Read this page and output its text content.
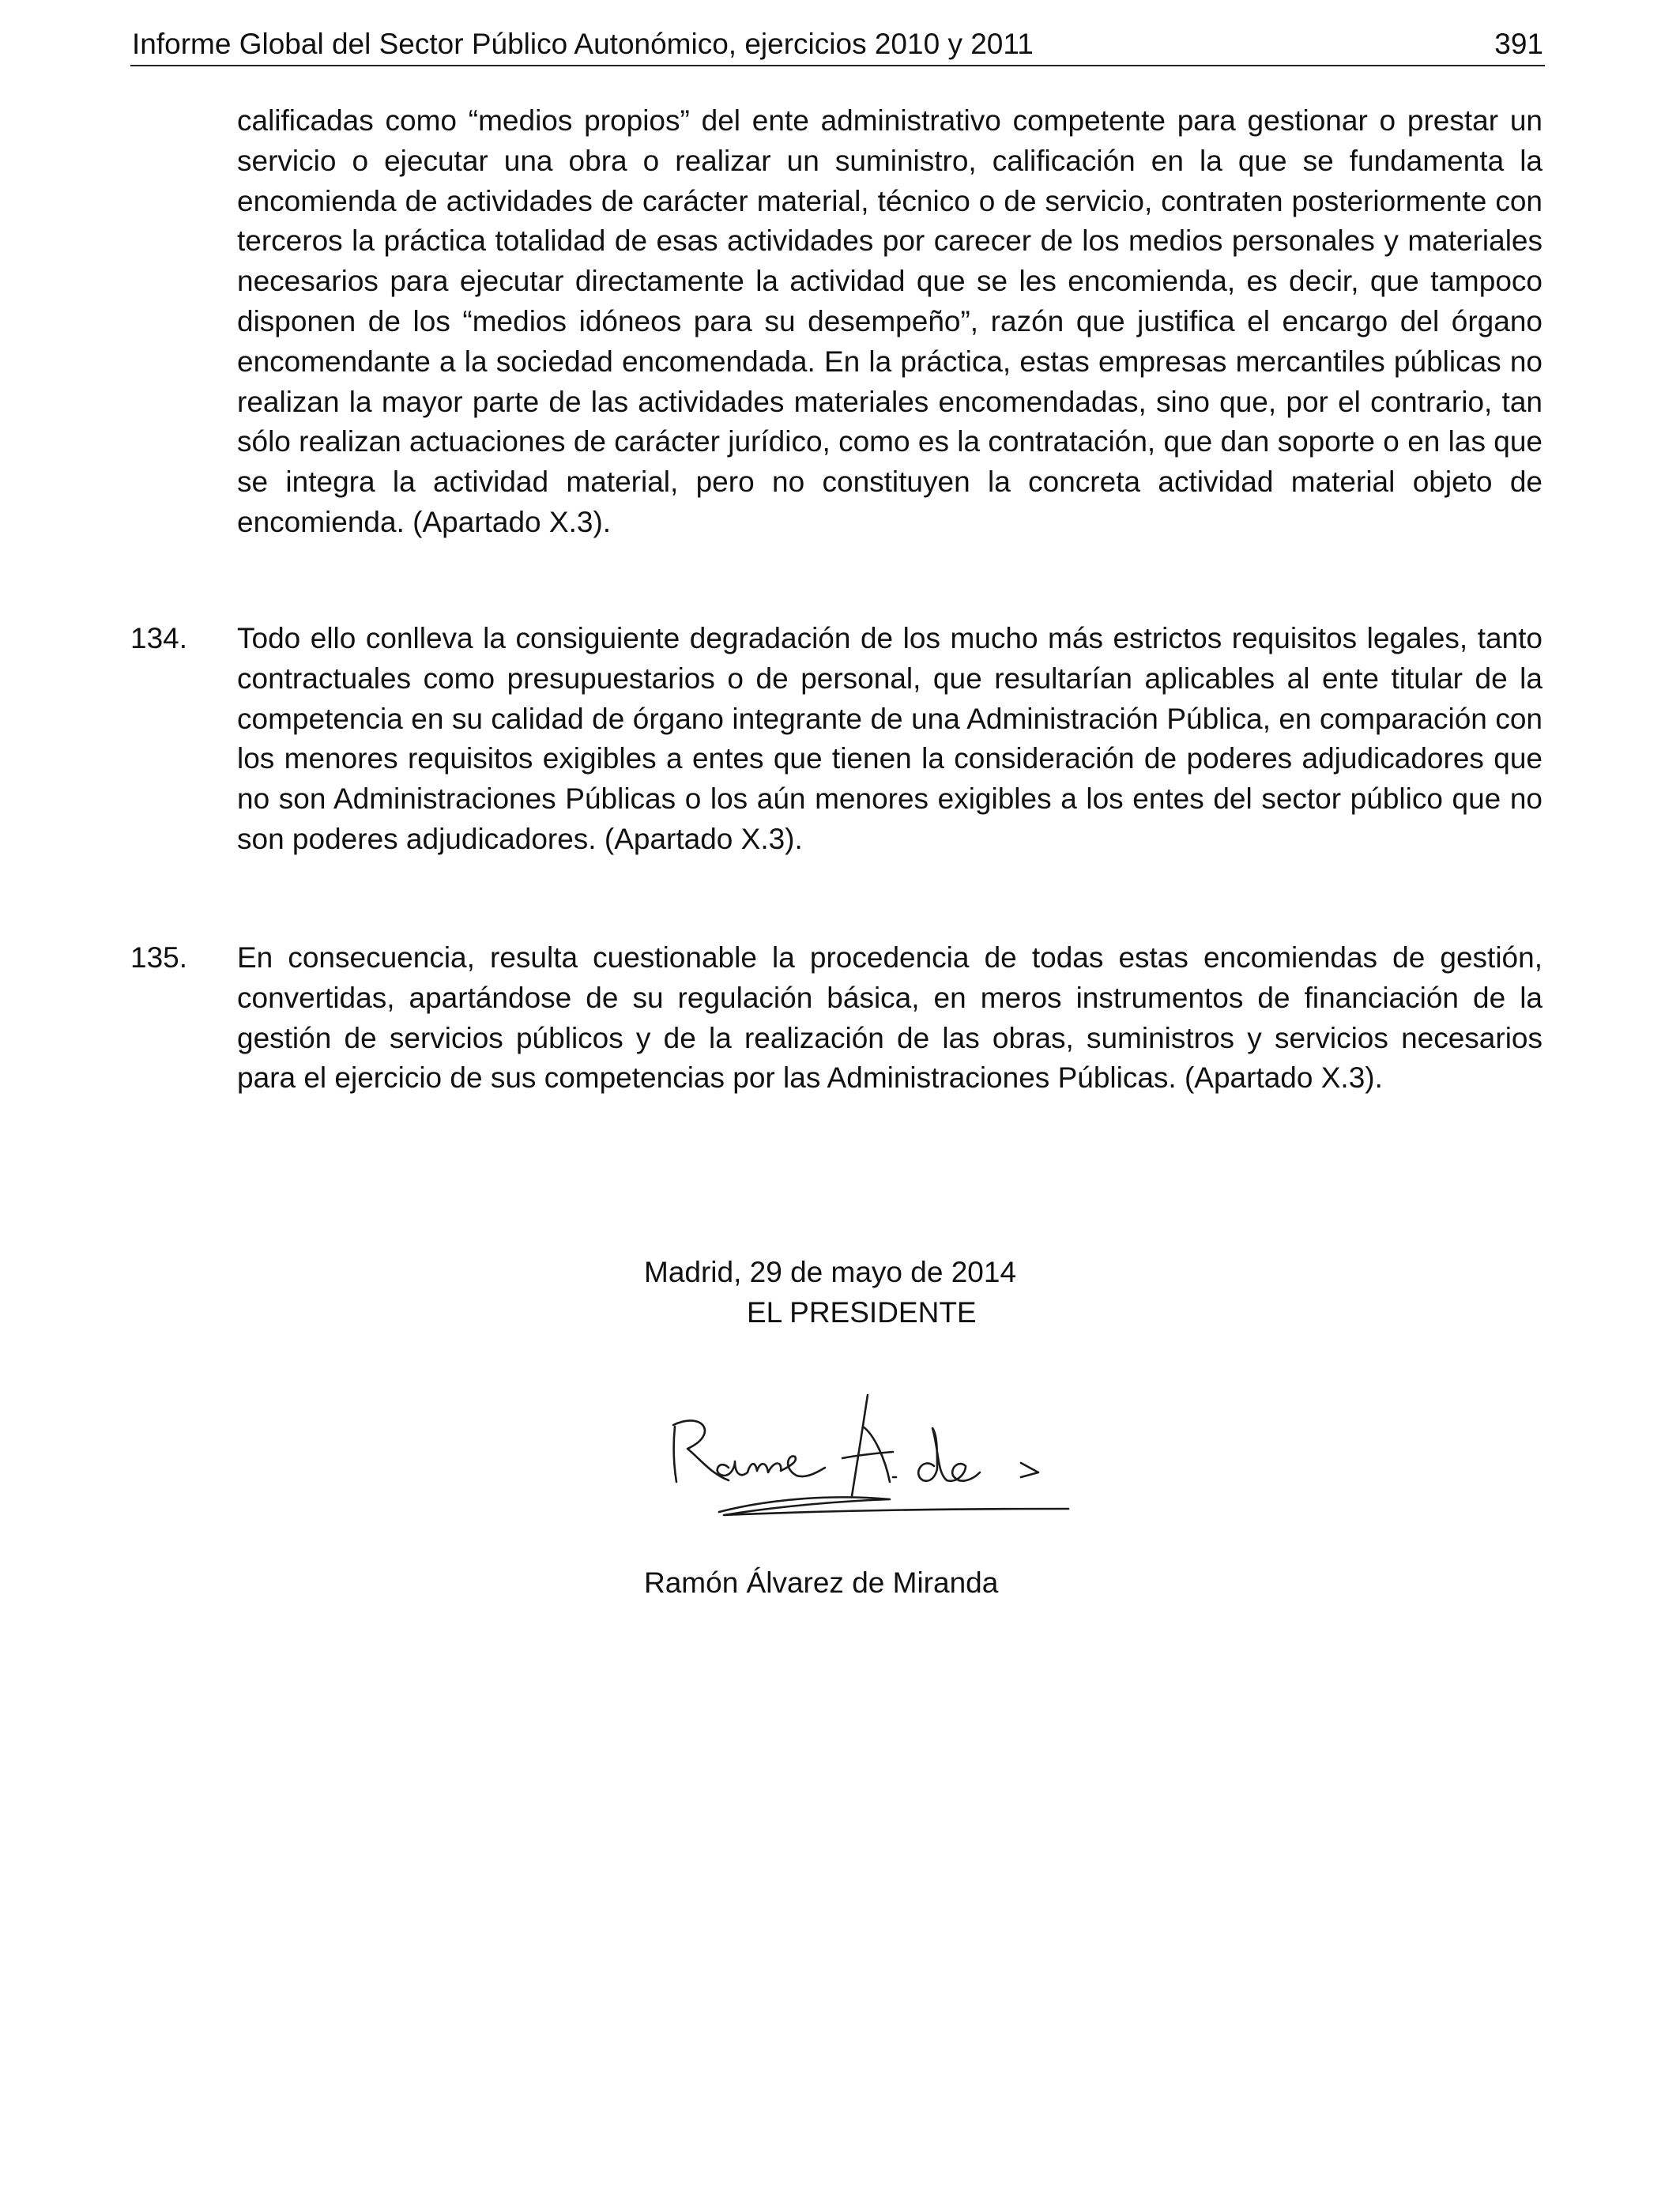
Informe Global del Sector Público Autonómico, ejercicios 2010 y 2011	391
calificadas como “medios propios” del ente administrativo competente para gestionar o prestar un servicio o ejecutar una obra o realizar un suministro, calificación en la que se fundamenta la encomienda de actividades de carácter material, técnico o de servicio, contraten posteriormente con terceros la práctica totalidad de esas actividades por carecer de los medios personales y materiales necesarios para ejecutar directamente la actividad que se les encomienda, es decir, que tampoco disponen de los “medios idóneos para su desempeño”, razón que justifica el encargo del órgano encomendante a la sociedad encomendada. En la práctica, estas empresas mercantiles públicas no realizan la mayor parte de las actividades materiales encomendadas, sino que, por el contrario, tan sólo realizan actuaciones de carácter jurídico, como es la contratación, que dan soporte o en las que se integra la actividad material, pero no constituyen la concreta actividad material objeto de encomienda. (Apartado X.3).
134. Todo ello conlleva la consiguiente degradación de los mucho más estrictos requisitos legales, tanto contractuales como presupuestarios o de personal, que resultarían aplicables al ente titular de la competencia en su calidad de órgano integrante de una Administración Pública, en comparación con los menores requisitos exigibles a entes que tienen la consideración de poderes adjudicadores que no son Administraciones Públicas o los aún menores exigibles a los entes del sector público que no son poderes adjudicadores. (Apartado X.3).
135. En consecuencia, resulta cuestionable la procedencia de todas estas encomiendas de gestión, convertidas, apartándose de su regulación básica, en meros instrumentos de financiación de la gestión de servicios públicos y de la realización de las obras, suministros y servicios necesarios para el ejercicio de sus competencias por las Administraciones Públicas. (Apartado X.3).
Madrid, 29 de mayo de 2014
EL PRESIDENTE
Ramón Álvarez de Miranda
